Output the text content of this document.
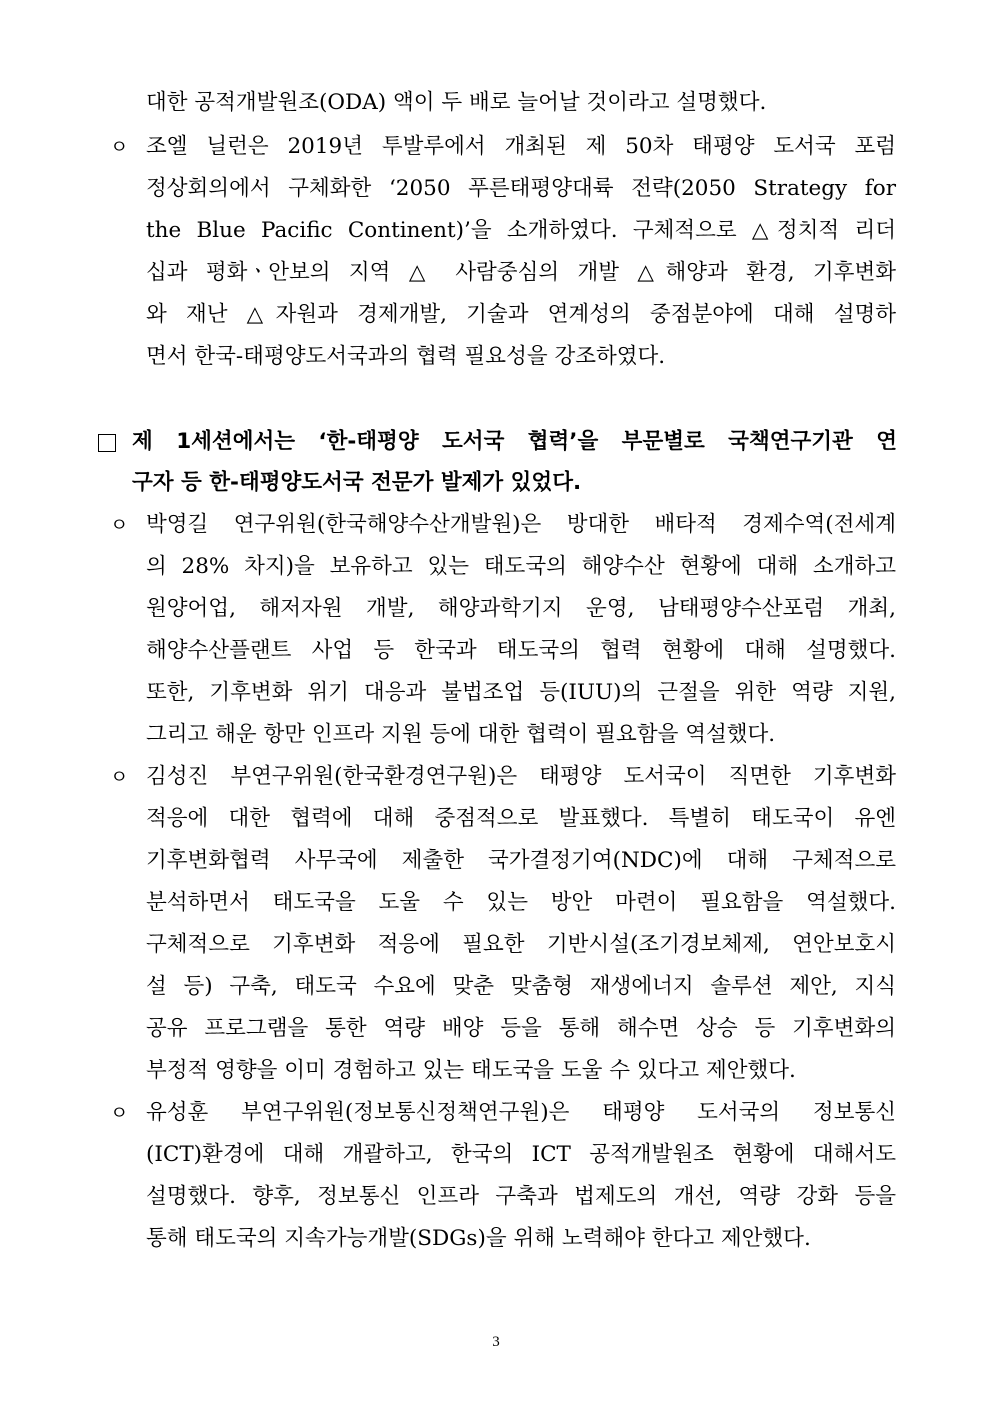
대한 공적개발원조(ODA) 액이 두 배로 늘어날 것이라고 설명했다.
ㅇ 조엘 닐런은 2019년 투발루에서 개최된 제 50차 태평양 도서국 포럼
정상회의에서 구체화한 ‘2050 푸른태평양대륙 전략(2050 Strategy for
the Blue Pacific Continent)’을 소개하였다. 구체적으로 △정치적 리더
십과 평화ㆍ안보의 지역 △ 사람중심의 개발 △해양과 환경, 기후변화
와 재난 △자원과 경제개발, 기술과 연계성의 중점분야에 대해 설명하
면서 한국-태평양도서국과의 협력 필요성을 강조하였다.
제 1세션에서는 ‘한-태평양 도서국 협력’을 부문별로 국책연구기관 연
구자 등 한-태평양도서국 전문가 발제가 있었다.
ㅇ 박영길 연구위원(한국해양수산개발원)은 방대한 배타적 경제수역(전세계
의 28% 차지)을 보유하고 있는 태도국의 해양수산 현황에 대해 소개하고
원양어업, 해저자원 개발, 해양과학기지 운영, 남태평양수산포럼 개최,
해양수산플랜트 사업 등 한국과 태도국의 협력 현황에 대해 설명했다.
또한, 기후변화 위기 대응과 불법조업 등(IUU)의 근절을 위한 역량 지원,
그리고 해운 항만 인프라 지원 등에 대한 협력이 필요함을 역설했다.
ㅇ 김성진 부연구위원(한국환경연구원)은 태평양 도서국이 직면한 기후변화
적응에 대한 협력에 대해 중점적으로 발표했다. 특별히 태도국이 유엔
기후변화협력 사무국에 제출한 국가결정기여(NDC)에 대해 구체적으로
분석하면서 태도국을 도울 수 있는 방안 마련이 필요함을 역설했다.
구체적으로 기후변화 적응에 필요한 기반시설(조기경보체제, 연안보호시
설 등) 구축, 태도국 수요에 맞춘 맞춤형 재생에너지 솔루션 제안, 지식
공유 프로그램을 통한 역량 배양 등을 통해 해수면 상승 등 기후변화의
부정적 영향을 이미 경험하고 있는 태도국을 도울 수 있다고 제안했다.
ㅇ 유성훈 부연구위원(정보통신정책연구원)은 태평양 도서국의 정보통신
(ICT)환경에 대해 개괄하고, 한국의 ICT 공적개발원조 현황에 대해서도
설명했다. 향후, 정보통신 인프라 구축과 법제도의 개선, 역량 강화 등을
통해 태도국의 지속가능개발(SDGs)을 위해 노력해야 한다고 제안했다.
3
